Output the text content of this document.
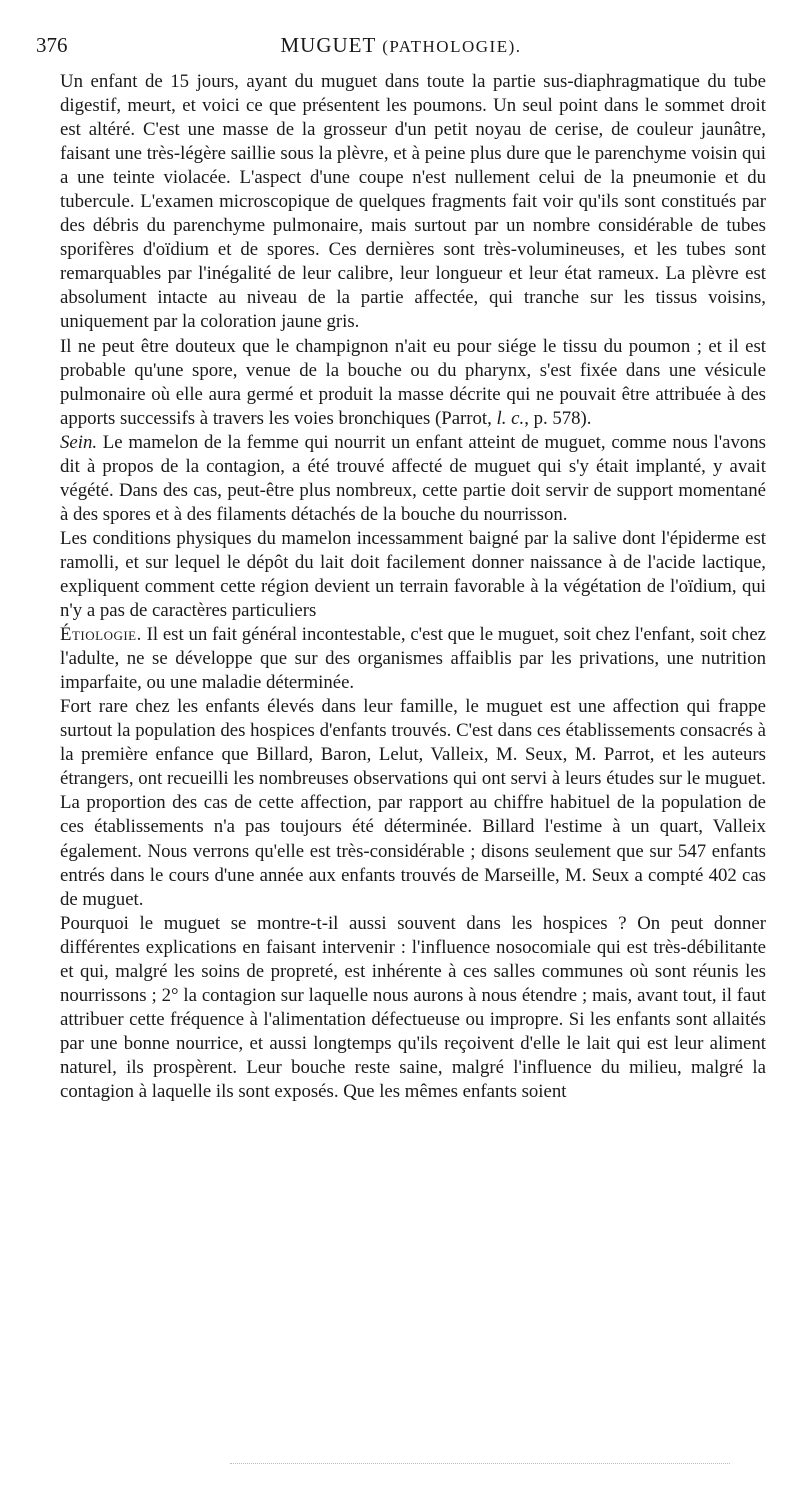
376	MUGUET (PATHOLOGIE).

Un enfant de 15 jours, ayant du muguet dans toute la partie sus-diaphragmatique du tube digestif, meurt, et voici ce que présentent les poumons. Un seul point dans le sommet droit est altéré. C'est une masse de la grosseur d'un petit noyau de cerise, de couleur jaunâtre, faisant une très-légère saillie sous la plèvre, et à peine plus dure que le parenchyme voisin qui a une teinte violacée. L'aspect d'une coupe n'est nullement celui de la pneumonie et du tubercule. L'examen microscopique de quelques fragments fait voir qu'ils sont constitués par des débris du parenchyme pulmonaire, mais surtout par un nombre considérable de tubes sporifères d'oïdium et de spores. Ces dernières sont très-volumineuses, et les tubes sont remarquables par l'inégalité de leur calibre, leur longueur et leur état rameux. La plèvre est absolument intacte au niveau de la partie affectée, qui tranche sur les tissus voisins, uniquement par la coloration jaune gris.

Il ne peut être douteux que le champignon n'ait eu pour siége le tissu du poumon ; et il est probable qu'une spore, venue de la bouche ou du pharynx, s'est fixée dans une vésicule pulmonaire où elle aura germé et produit la masse décrite qui ne pouvait être attribuée à des apports successifs à travers les voies bronchiques (Parrot, l. c., p. 578).

Sein. Le mamelon de la femme qui nourrit un enfant atteint de muguet, comme nous l'avons dit à propos de la contagion, a été trouvé affecté de muguet qui s'y était implanté, y avait végété. Dans des cas, peut-être plus nombreux, cette partie doit servir de support momentané à des spores et à des filaments détachés de la bouche du nourrisson.

Les conditions physiques du mamelon incessamment baigné par la salive dont l'épiderme est ramolli, et sur lequel le dépôt du lait doit facilement donner naissance à de l'acide lactique, expliquent comment cette région devient un terrain favorable à la végétation de l'oïdium, qui n'y a pas de caractères particuliers

Étiologie. Il est un fait général incontestable, c'est que le muguet, soit chez l'enfant, soit chez l'adulte, ne se développe que sur des organismes affaiblis par les privations, une nutrition imparfaite, ou une maladie déterminée.

Fort rare chez les enfants élevés dans leur famille, le muguet est une affection qui frappe surtout la population des hospices d'enfants trouvés. C'est dans ces établissements consacrés à la première enfance que Billard, Baron, Lelut, Valleix, M. Seux, M. Parrot, et les auteurs étrangers, ont recueilli les nombreuses observations qui ont servi à leurs études sur le muguet. La proportion des cas de cette affection, par rapport au chiffre habituel de la population de ces établissements n'a pas toujours été déterminée. Billard l'estime à un quart, Valleix également. Nous verrons qu'elle est très-considérable ; disons seulement que sur 547 enfants entrés dans le cours d'une année aux enfants trouvés de Marseille, M. Seux a compté 402 cas de muguet.

Pourquoi le muguet se montre-t-il aussi souvent dans les hospices ? On peut donner différentes explications en faisant intervenir : l'influence nosocomiale qui est très-débilitante et qui, malgré les soins de propreté, est inhérente à ces salles communes où sont réunis les nourrissons ; 2° la contagion sur laquelle nous aurons à nous étendre ; mais, avant tout, il faut attribuer cette fréquence à l'alimentation défectueuse ou impropre. Si les enfants sont allaités par une bonne nourrice, et aussi longtemps qu'ils reçoivent d'elle le lait qui est leur aliment naturel, ils prospèrent. Leur bouche reste saine, malgré l'influence du milieu, malgré la contagion à laquelle ils sont exposés. Que les mêmes enfants soient
